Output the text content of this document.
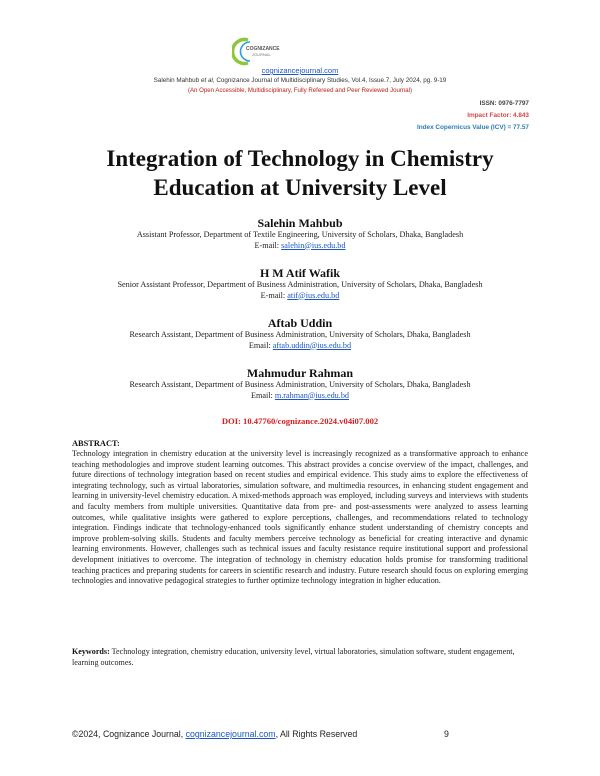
COGNIZANCE
JOURNAL
cognizancejournal.com
Salehin Mahbub et al, Cognizance Journal of Multidisciplinary Studies, Vol.4, Issue.7, July 2024, pg. 9-19
(An Open Accessible, Multidisciplinary, Fully Refereed and Peer Reviewed Journal)
ISSN: 0976-7797
Impact Factor: 4.843
Index Copernicus Value (ICV) = 77.57
Integration of Technology in Chemistry
Education at University Level
Salehin Mahbub
Assistant Professor, Department of Textile Engineering, University of Scholars, Dhaka, Bangladesh
E-mail: salehin@ius.edu.bd
H M Atif Wafik
Senior Assistant Professor, Department of Business Administration, University of Scholars, Dhaka, Bangladesh
E-mail: atif@ius.edu.bd
Aftab Uddin
Research Assistant, Department of Business Administration, University of Scholars, Dhaka, Bangladesh
Email: aftab.uddin@ius.edu.bd
Mahmudur Rahman
Research Assistant, Department of Business Administration, University of Scholars, Dhaka, Bangladesh
Email: m.rahman@ius.edu.bd
DOI: 10.47760/cognizance.2024.v04i07.002
ABSTRACT:
Technology integration in chemistry education at the university level is increasingly recognized as a transformative approach to enhance teaching methodologies and improve student learning outcomes. This abstract provides a concise overview of the impact, challenges, and future directions of technology integration based on recent studies and empirical evidence. This study aims to explore the effectiveness of integrating technology, such as virtual laboratories, simulation software, and multimedia resources, in enhancing student engagement and learning in university-level chemistry education. A mixed-methods approach was employed, including surveys and interviews with students and faculty members from multiple universities. Quantitative data from pre- and post-assessments were analyzed to assess learning outcomes, while qualitative insights were gathered to explore perceptions, challenges, and recommendations related to technology integration. Findings indicate that technology-enhanced tools significantly enhance student understanding of chemistry concepts and improve problem-solving skills. Students and faculty members perceive technology as beneficial for creating interactive and dynamic learning environments. However, challenges such as technical issues and faculty resistance require institutional support and professional development initiatives to overcome. The integration of technology in chemistry education holds promise for transforming traditional teaching practices and preparing students for careers in scientific research and industry. Future research should focus on exploring emerging technologies and innovative pedagogical strategies to further optimize technology integration in higher education.
Keywords: Technology integration, chemistry education, university level, virtual laboratories, simulation software, student engagement, learning outcomes.
©2024, Cognizance Journal, cognizancejournal.com, All Rights Reserved	9
